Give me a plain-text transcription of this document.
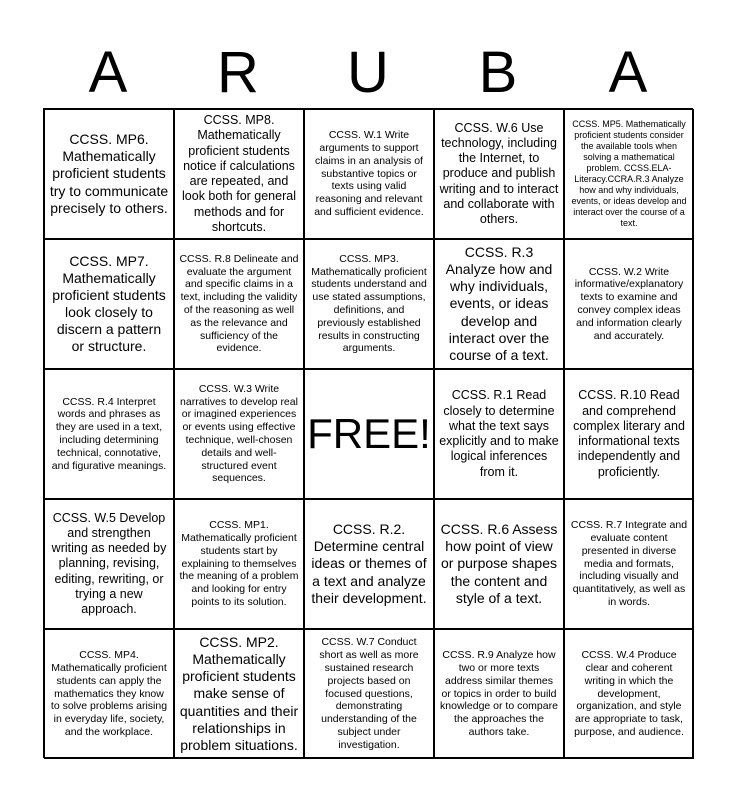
A	R	U	B	A
CCSS. MP6. Mathematically proficient students try to communicate precisely to others.
CCSS. MP8. Mathematically proficient students notice if calculations are repeated, and look both for general methods and for shortcuts.
CCSS. W.1 Write arguments to support claims in an analysis of substantive topics or texts using valid reasoning and relevant and sufficient evidence.
CCSS. W.6 Use technology, including the Internet, to produce and publish writing and to interact and collaborate with others.
CCSS. MP5. Mathematically proficient students consider the available tools when solving a mathematical problem. CCSS.ELA-Literacy.CCRA.R.3 Analyze how and why individuals, events, or ideas develop and interact over the course of a text.
CCSS. MP7. Mathematically proficient students look closely to discern a pattern or structure.
CCSS. R.8 Delineate and evaluate the argument and specific claims in a text, including the validity of the reasoning as well as the relevance and sufficiency of the evidence.
CCSS. MP3. Mathematically proficient students understand and use stated assumptions, definitions, and previously established results in constructing arguments.
CCSS. R.3 Analyze how and why individuals, events, or ideas develop and interact over the course of a text.
CCSS. W.2 Write informative/explanatory texts to examine and convey complex ideas and information clearly and accurately.
CCSS. R.4 Interpret words and phrases as they are used in a text, including determining technical, connotative, and figurative meanings.
CCSS. W.3 Write narratives to develop real or imagined experiences or events using effective technique, well-chosen details and well-structured event sequences.
FREE!
CCSS. R.1 Read closely to determine what the text says explicitly and to make logical inferences from it.
CCSS. R.10 Read and comprehend complex literary and informational texts independently and proficiently.
CCSS. W.5 Develop and strengthen writing as needed by planning, revising, editing, rewriting, or trying a new approach.
CCSS. MP1. Mathematically proficient students start by explaining to themselves the meaning of a problem and looking for entry points to its solution.
CCSS. R.2. Determine central ideas or themes of a text and analyze their development.
CCSS. R.6 Assess how point of view or purpose shapes the content and style of a text.
CCSS. R.7 Integrate and evaluate content presented in diverse media and formats, including visually and quantitatively, as well as in words.
CCSS. MP4. Mathematically proficient students can apply the mathematics they know to solve problems arising in everyday life, society, and the workplace.
CCSS. MP2. Mathematically proficient students make sense of quantities and their relationships in problem situations.
CCSS. W.7 Conduct short as well as more sustained research projects based on focused questions, demonstrating understanding of the subject under investigation.
CCSS. R.9 Analyze how two or more texts address similar themes or topics in order to build knowledge or to compare the approaches the authors take.
CCSS. W.4 Produce clear and coherent writing in which the development, organization, and style are appropriate to task, purpose, and audience.
